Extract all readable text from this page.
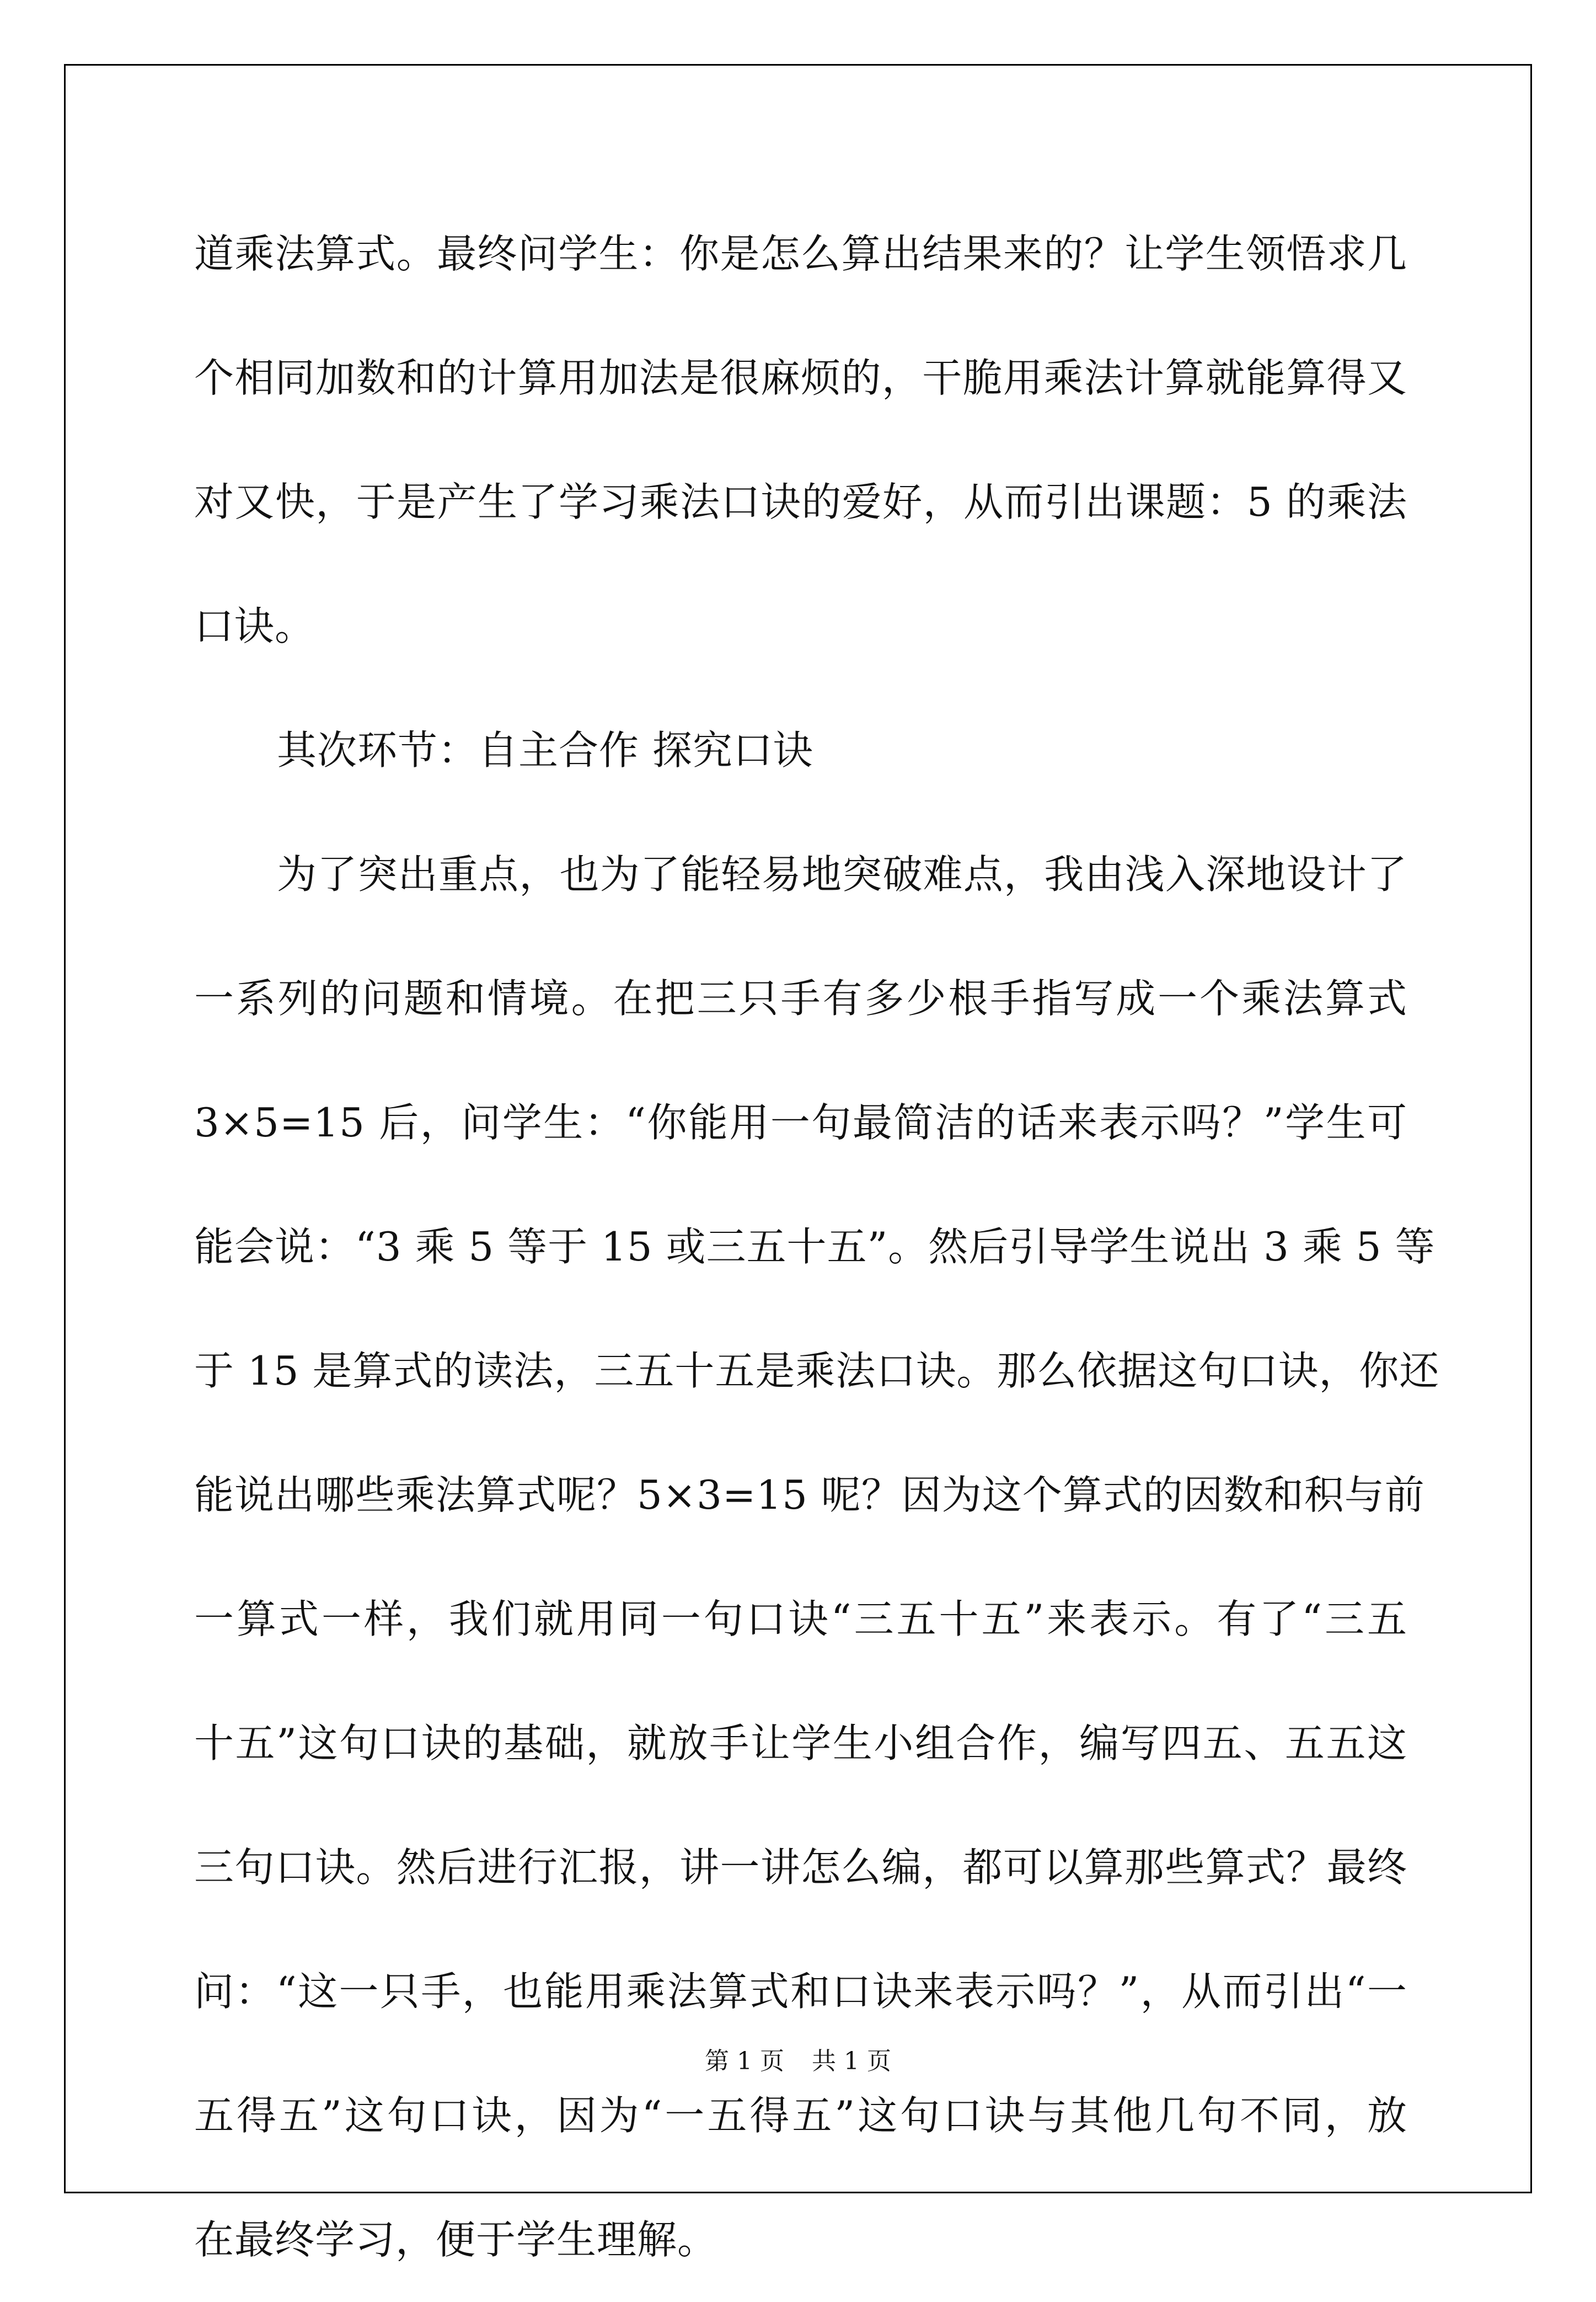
道乘法算式。最终问学生：你是怎么算出结果来的？让学生领悟求几
个相同加数和的计算用加法是很麻烦的，干脆用乘法计算就能算得又
对又快，于是产生了学习乘法口诀的爱好，从而引出课题：5 的乘法
口诀。
其次环节：自主合作 探究口诀
为了突出重点，也为了能轻易地突破难点，我由浅入深地设计了
一系列的问题和情境。在把三只手有多少根手指写成一个乘法算式
3×5=15 后，问学生：“你能用一句最简洁的话来表示吗？”学生可
能会说：“3 乘 5 等于 15 或三五十五”。然后引导学生说出 3 乘 5 等
于 15 是算式的读法，三五十五是乘法口诀。那么依据这句口诀，你还
能说出哪些乘法算式呢？5×3=15 呢？因为这个算式的因数和积与前
一算式一样，我们就用同一句口诀“三五十五”来表示。有了“三五
十五”这句口诀的基础，就放手让学生小组合作，编写四五、五五这
三句口诀。然后进行汇报，讲一讲怎么编，都可以算那些算式？最终
问：“这一只手，也能用乘法算式和口诀来表示吗？”，从而引出“一
五得五”这句口诀，因为“一五得五”这句口诀与其他几句不同，放
在最终学习，便于学生理解。
第 1 页 共 1 页
